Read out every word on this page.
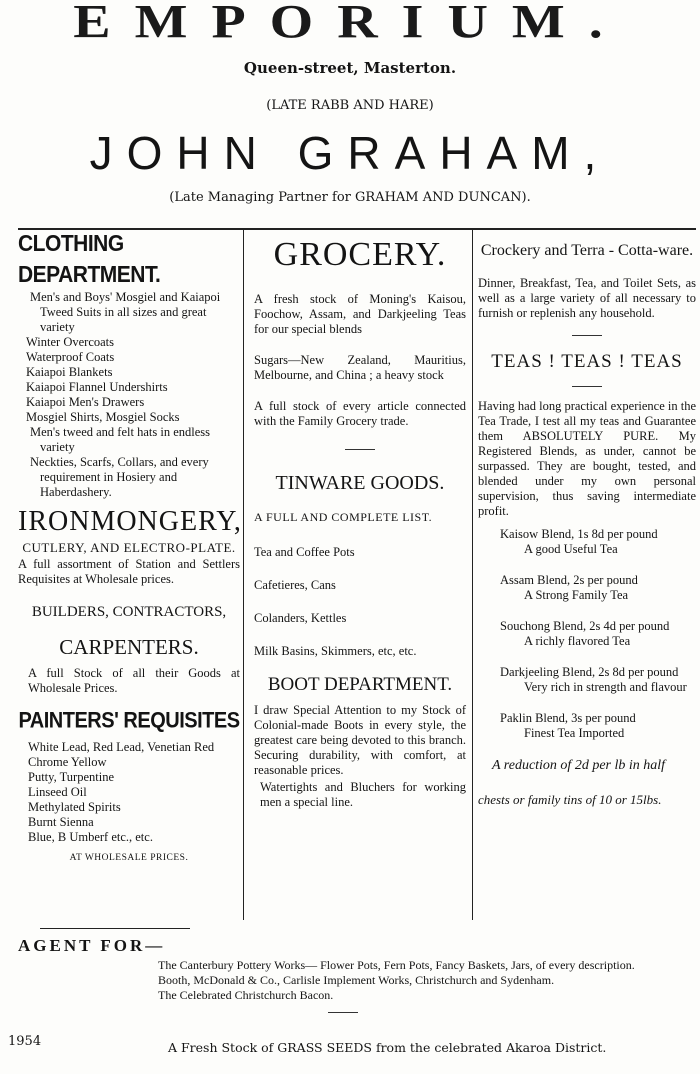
EMPORIUM.
Queen-street, Masterton.
(LATE RABB AND HARE)
JOHN GRAHAM,
(Late Managing Partner for GRAHAM AND DUNCAN).
CLOTHING DEPARTMENT.

Men's and Boys' Mosgiel and Kaiapoi Tweed Suits in all sizes and great variety

Winter Overcoats

Waterproof Coats

Kaiapoi Blankets

Kaiapoi Flannel Undershirts

Kaiapoi Men's Drawers

Mosgiel Shirts, Mosgiel Socks

Men's tweed and felt hats in endless variety

Neckties, Scarfs, Collars, and every requirement in Hosiery and Haberdashery.

IRONMONGERY,
CUTLERY, AND ELECTRO-PLATE.

A full assortment of Station and Settlers Requisites at Wholesale prices.

BUILDERS, CONTRACTORS,
CARPENTERS.

A full Stock of all their Goods at Wholesale Prices.

PAINTERS' REQUISITES

White Lead, Red Lead, Venetian Red

Chrome Yellow

Putty, Turpentine

Linseed Oil

Methylated Spirits

Burnt Sienna

Blue, B Umberf etc., etc.

AT WHOLESALE PRICES.
GROCERY.

A fresh stock of Moning's Kaisou, Foochow, Assam, and Darkjeeling Teas for our special blends

Sugars—New Zealand, Mauritius, Melbourne, and China ; a heavy stock

A full stock of every article connected with the Family Grocery trade.

TINWARE GOODS.

A FULL AND COMPLETE LIST.

Tea and Coffee Pots

Cafetieres, Cans

Colanders, Kettles

Milk Basins, Skimmers, etc, etc.

BOOT DEPARTMENT.

I draw Special Attention to my Stock of Colonial-made Boots in every style, the greatest care being devoted to this branch. Securing durability, with comfort, at reasonable prices.

Watertights and Bluchers for working men a special line.

Crockery and Terra - Cotta-ware.

Dinner, Breakfast, Tea, and Toilet Sets, as well as a large variety of all necessary to furnish or replenish any household.

TEAS ! TEAS ! TEAS

Having had long practical experience in the Tea Trade, I test all my teas and Guarantee them ABSOLUTELY PURE. My Registered Blends, as under, cannot be surpassed. They are bought, tested, and blended under my own personal supervision, thus saving intermediate profit.

Kaisow Blend, 1s 8d per pound

A good Useful Tea

Assam Blend, 2s per pound

A Strong Family Tea

Souchong Blend, 2s 4d per pound

A richly flavored Tea

Darkjeeling Blend, 2s 8d per pound

Very rich in strength and flavour

Paklin Blend, 3s per pound

Finest Tea Imported

A reduction of 2d per lb in half

chests or family tins of 10 or 15lbs.

AGENT FOR—

The Canterbury Pottery Works— Flower Pots, Fern Pots, Fancy Baskets, Jars, of every description.

Booth, McDonald & Co., Carlisle Implement Works, Christchurch and Sydenham.

The Celebrated Christchurch Bacon.

1954	A Fresh Stock of GRASS SEEDS from the celebrated Akaroa District.
